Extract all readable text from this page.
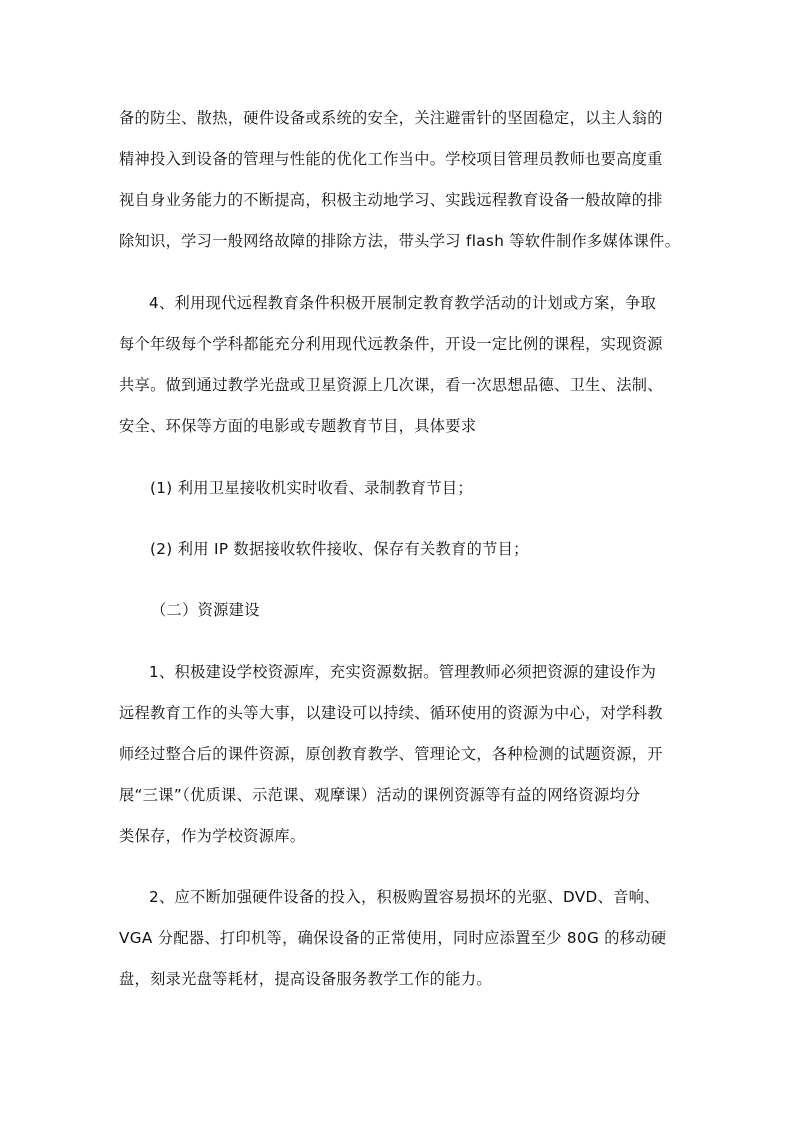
备的防尘、散热，硬件设备或系统的安全，关注避雷针的坚固稳定，以主人翁的
精神投入到设备的管理与性能的优化工作当中。学校项目管理员教师也要高度重
视自身业务能力的不断提高，积极主动地学习、实践远程教育设备一般故障的排
除知识，学习一般网络故障的排除方法，带头学习 flash 等软件制作多媒体课件。
4、利用现代远程教育条件积极开展制定教育教学活动的计划或方案，争取
每个年级每个学科都能充分利用现代远教条件，开设一定比例的课程，实现资源
共享。做到通过教学光盘或卫星资源上几次课，看一次思想品德、卫生、法制、
安全、环保等方面的电影或专题教育节目，具体要求
(1) 利用卫星接收机实时收看、录制教育节目；
(2) 利用 IP 数据接收软件接收、保存有关教育的节目；
（二）资源建设
1、积极建设学校资源库，充实资源数据。管理教师必须把资源的建设作为
远程教育工作的头等大事，以建设可以持续、循环使用的资源为中心，对学科教
师经过整合后的课件资源，原创教育教学、管理论文，各种检测的试题资源，开
展“三课”（优质课、示范课、观摩课）活动的课例资源等有益的网络资源均分
类保存，作为学校资源库。
2、应不断加强硬件设备的投入，积极购置容易损坏的光驱、DVD、音响、
VGA 分配器、打印机等，确保设备的正常使用，同时应添置至少 80G 的移动硬
盘，刻录光盘等耗材，提高设备服务教学工作的能力。
